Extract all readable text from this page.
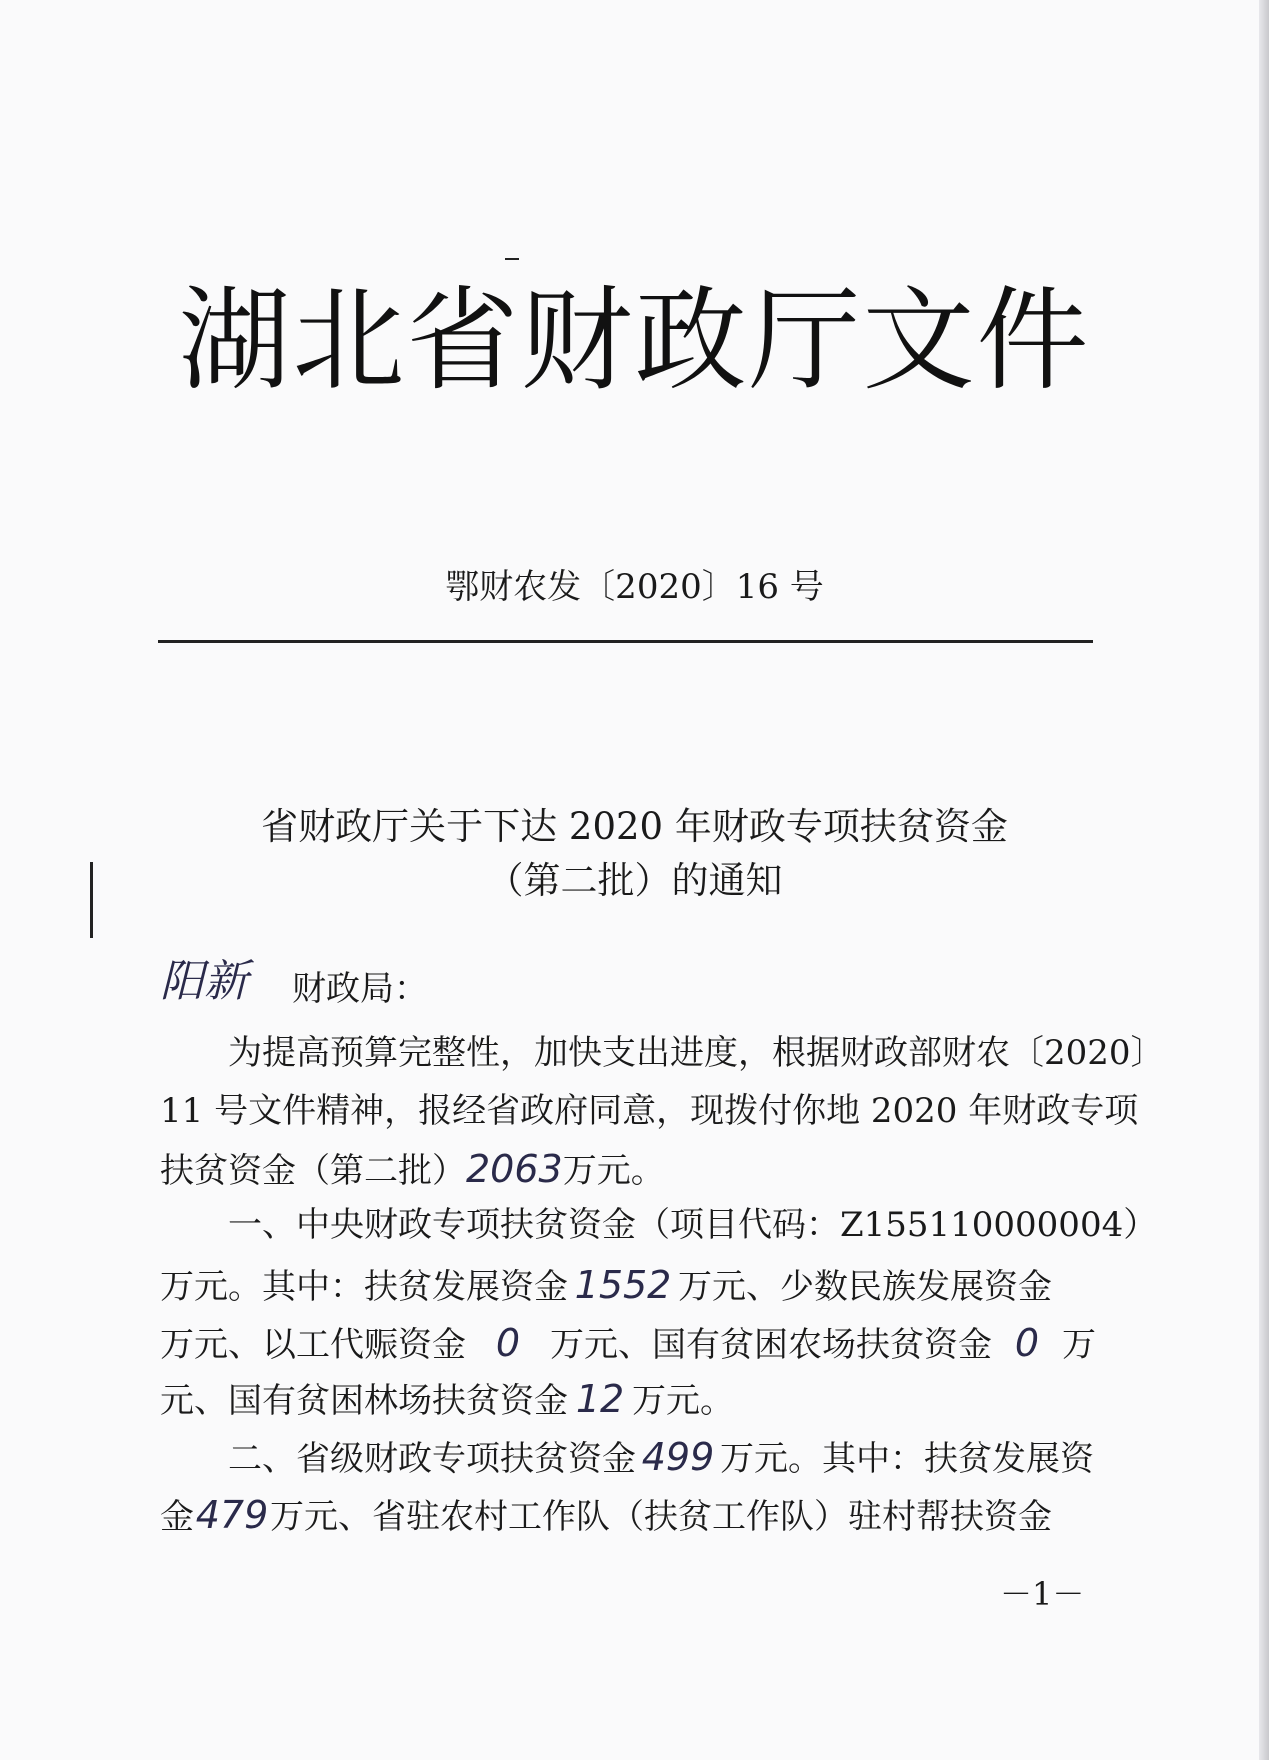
湖北省财政厅文件
鄂财农发〔2020〕16 号
省财政厅关于下达 2020 年财政专项扶贫资金
（第二批）的通知
阳新 财政局：
为提高预算完整性，加快支出进度，根据财政部财农〔2020〕
11 号文件精神，报经省政府同意，现拨付你地 2020 年财政专项
扶贫资金（第二批）2063万元。
一、中央财政专项扶贫资金（项目代码：Z155110000004）
万元。其中：扶贫发展资金 1552 万元、少数民族发展资金
万元、以工代赈资金 0 万元、国有贫困农场扶贫资金 0 万
元、国有贫困林场扶贫资金 12 万元。
二、省级财政专项扶贫资金 499 万元。其中：扶贫发展资
金479万元、省驻农村工作队（扶贫工作队）驻村帮扶资金
－1－
